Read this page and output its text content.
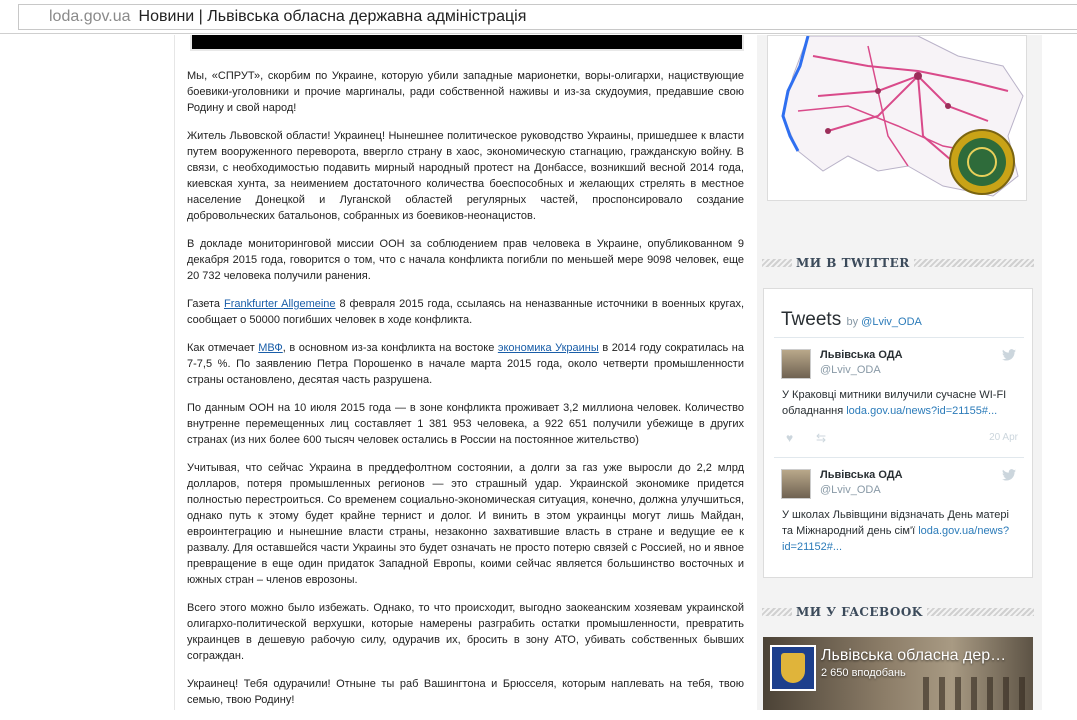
loda.gov.ua Новини | Львівська обласна державна адміністрація

Мы, «СПРУТ», скорбим по Украине, которую убили западные марионетки, воры-олигархи, нациствующие боевики-уголовники и прочие маргиналы, ради собственной наживы и из-за скудоумия, предавшие свою Родину и свой народ!

Житель Львовской области! Украинец! Нынешнее политическое руководство Украины, пришедшее к власти путем вооруженного переворота, ввергло страну в хаос, экономическую стагнацию, гражданскую войну. В связи, с необходимостью подавить мирный народный протест на Донбассе, возникший весной 2014 года, киевская хунта, за неимением достаточного количества боеспособных и желающих стрелять в местное население Донецкой и Луганской областей регулярных частей, проспонсировало создание добровольческих батальонов, собранных из боевиков-неонацистов.

В докладе мониторинговой миссии ООН за соблюдением прав человека в Украине, опубликованном 9 декабря 2015 года, говорится о том, что с начала конфликта погибли по меньшей мере 9098 человек, еще 20 732 человека получили ранения.

Газета Frankfurter Allgemeine 8 февраля 2015 года, ссылаясь на неназванные источники в военных кругах, сообщает о 50000 погибших человек в ходе конфликта.

Как отмечает МВФ, в основном из-за конфликта на востоке экономика Украины в 2014 году сократилась на 7-7,5 %. По заявлению Петра Порошенко в начале марта 2015 года, около четверти промышленности страны остановлено, десятая часть разрушена.

По данным ООН на 10 июля 2015 года — в зоне конфликта проживает 3,2 миллиона человек. Количество внутренне перемещенных лиц составляет 1 381 953 человека, а 922 651 получили убежище в других странах (из них более 600 тысяч человек остались в России на постоянное жительство)

Учитывая, что сейчас Украина в преддефолтном состоянии, а долги за газ уже выросли до 2,2 млрд долларов, потеря промышленных регионов — это страшный удар. Украинской экономике придется полностью перестроиться. Со временем социально-экономическая ситуация, конечно, должна улучшиться, однако путь к этому будет крайне тернист и долог. И винить в этом украинцы могут лишь Майдан, евроинтеграцию и нынешние власти страны, незаконно захватившие власть в стране и ведущие ее к развалу. Для оставшейся части Украины это будет означать не просто потерю связей с Россией, но и явное превращение в еще один придаток Западной Европы, коими сейчас является большинство восточных и южных стран – членов еврозоны.

Всего этого можно было избежать. Однако, то что происходит, выгодно заокеанским хозяевам украинской олигархо-политической верхушки, которые намерены разграбить остатки промышленности, превратить украинцев в дешевую рабочую силу, одурачив их, бросить в зону АТО, убивать собственных бывших сограждан.

Украинец! Тебя одурачили! Отныне ты раб Вашингтона и Брюсселя, которым наплевать на тебя, твою семью, твою Родину!

МИ В TWITTER
Tweets by @Lviv_ODA
Львівська ОДА
@Lviv_ODA
У Краковці митники вилучили сучасне WI-FI обладнання loda.gov.ua/news?id=21155#...
♥ ⇆	20 Apr
Львівська ОДА
@Lviv_ODA
У школах Львівщини відзначать День матері та Міжнародний день сім'ї loda.gov.ua/news?id=21152#...
МИ У FACEBOOK
Львівська обласна дер…
2 650 вподобань
